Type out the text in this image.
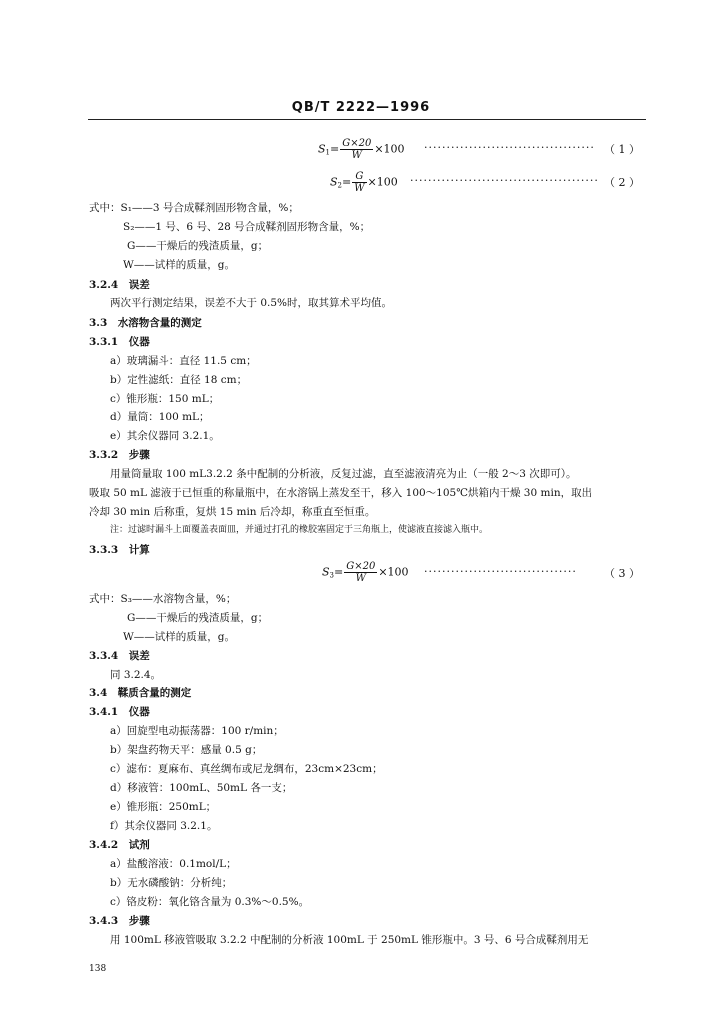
QB/T 2222—1996
$S_1= \frac{G\times 20}{W} \times 100$ ······································ （ 1 ）
$S_2= \frac{G}{W} \times 100$ ·········································· （ 2 ）
式中：S₁——3 号合成鞣剂固形物含量，%；
S₂——1 号、6 号、28 号合成鞣剂固形物含量，%；
G——干燥后的残渣质量，g；
W——试样的质量，g。
3.2.4　误差
两次平行测定结果，误差不大于 0.5%时，取其算术平均值。
3.3　水溶物含量的测定
3.3.1　仪器
a）玻璃漏斗：直径 11.5 cm；
b）定性滤纸：直径 18 cm；
c）锥形瓶：150 mL；
d）量筒：100 mL；
e）其余仪器同 3.2.1。
3.3.2　步骤
用量筒量取 100 mL3.2.2 条中配制的分析液，反复过滤，直至滤液清亮为止（一般 2～3 次即可）。
吸取 50 mL 滤液于已恒重的称量瓶中，在水溶锅上蒸发至干，移入 100～105℃烘箱内干燥 30 min，取出
冷却 30 min 后称重，复烘 15 min 后冷却，称重直至恒重。
注：过滤时漏斗上面覆盖表面皿，并通过打孔的橡胶塞固定于三角瓶上，使滤液直接滤入瓶中。
3.3.3　计算
$S_3= \frac{G\times 20}{W} \times 100$ ·································· （ 3 ）
式中：S₃——水溶物含量，%；
G——干燥后的残渣质量，g；
W——试样的质量，g。
3.3.4　误差
同 3.2.4。
3.4　鞣质含量的测定
3.4.1　仪器
a）回旋型电动振荡器：100 r/min；
b）架盘药物天平：感量 0.5 g；
c）滤布：夏麻布、真丝绸布或尼龙绸布，23cm×23cm；
d）移液管：100mL、50mL 各一支；
e）锥形瓶：250mL；
f）其余仪器同 3.2.1。
3.4.2　试剂
a）盐酸溶液：0.1mol/L；
b）无水磷酸钠：分析纯；
c）铬皮粉：氧化铬含量为 0.3%～0.5%。
3.4.3　步骤
用 100mL 移液管吸取 3.2.2 中配制的分析液 100mL 于 250mL 锥形瓶中。3 号、6 号合成鞣剂用无
138
